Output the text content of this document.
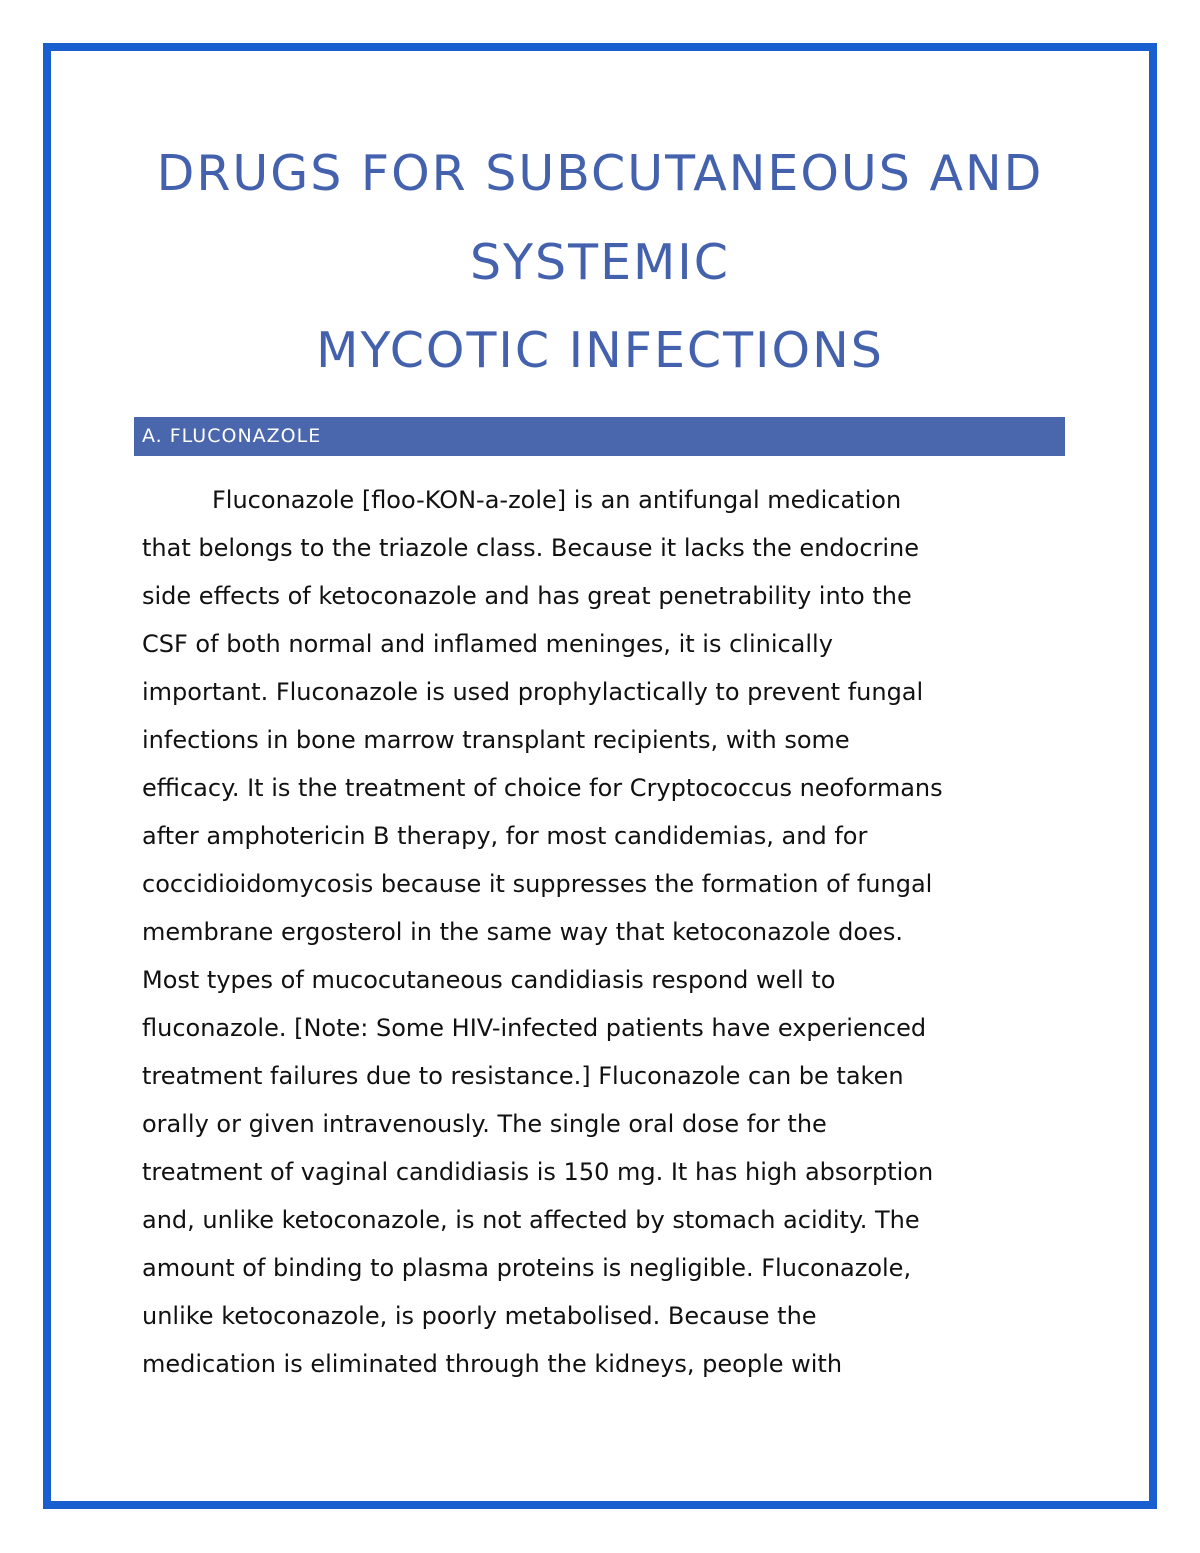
DRUGS FOR SUBCUTANEOUS AND
SYSTEMIC
MYCOTIC INFECTIONS
A. FLUCONAZOLE
Fluconazole [floo-KON-a-zole] is an antifungal medication
that belongs to the triazole class. Because it lacks the endocrine
side effects of ketoconazole and has great penetrability into the
CSF of both normal and inflamed meninges, it is clinically
important. Fluconazole is used prophylactically to prevent fungal
infections in bone marrow transplant recipients, with some
efficacy. It is the treatment of choice for Cryptococcus neoformans
after amphotericin B therapy, for most candidemias, and for
coccidioidomycosis because it suppresses the formation of fungal
membrane ergosterol in the same way that ketoconazole does.
Most types of mucocutaneous candidiasis respond well to
fluconazole. [Note: Some HIV-infected patients have experienced
treatment failures due to resistance.] Fluconazole can be taken
orally or given intravenously. The single oral dose for the
treatment of vaginal candidiasis is 150 mg. It has high absorption
and, unlike ketoconazole, is not affected by stomach acidity. The
amount of binding to plasma proteins is negligible. Fluconazole,
unlike ketoconazole, is poorly metabolised. Because the
medication is eliminated through the kidneys, people with
